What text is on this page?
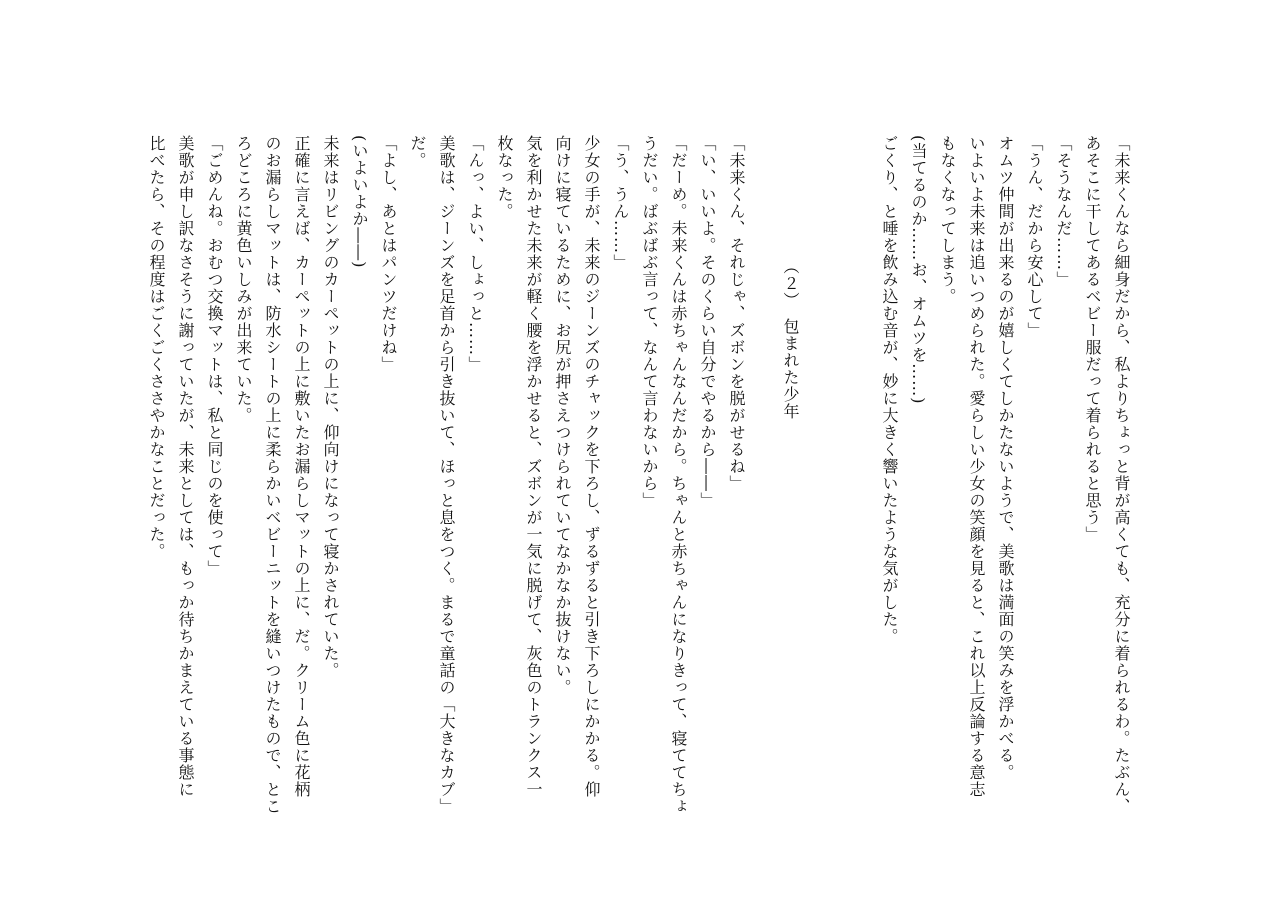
「未来くんなら細身だから、私よりちょっと背が高くても、充分に着られるわ。たぶん、
あそこに干してあるベビー服だって着られると思う」
「そうなんだ……」
「うん、だから安心して」
オムツ仲間が出来るのが嬉しくてしかたないようで、美歌は満面の笑みを浮かべる。
いよいよ未来は追いつめられた。愛らしい少女の笑顔を見ると、これ以上反論する意志
もなくなってしまう。
(当てるのか……お、オムツを……)
ごくり、と唾を飲み込む音が、妙に大きく響いたような気がした。
（２）　包まれた少年
「未来くん、それじゃ、ズボンを脱がせるね」
「い、いいよ。そのくらい自分でやるから――」
「だーめ。未来くんは赤ちゃんなんだから。ちゃんと赤ちゃんになりきって、寝ててちょ
うだい。ばぶばぶ言って、なんて言わないから」
「う、うん……」
少女の手が、未来のジーンズのチャックを下ろし、ずるずると引き下ろしにかかる。仰
向けに寝ているために、お尻が押さえつけられていてなかなか抜けない。
気を利かせた未来が軽く腰を浮かせると、ズボンが一気に脱げて、灰色のトランクス一
枚なった。
「んっ、よい、しょっと……」
美歌は、ジーンズを足首から引き抜いて、ほっと息をつく。まるで童話の「大きなカブ」
だ。
「よし、あとはパンツだけね」
(いよいよか――)
未来はリビングのカーペットの上に、仰向けになって寝かされていた。
正確に言えば、カーペットの上に敷いたお漏らしマットの上に、だ。クリーム色に花柄
のお漏らしマットは、防水シートの上に柔らかいベビーニットを縫いつけたもので、とこ
ろどころに黄色いしみが出来ていた。
「ごめんね。おむつ交換マットは、私と同じのを使って」
美歌が申し訳なさそうに謝っていたが、未来としては、もっか待ちかまえている事態に
比べたら、その程度はごくごくささやかなことだった。
